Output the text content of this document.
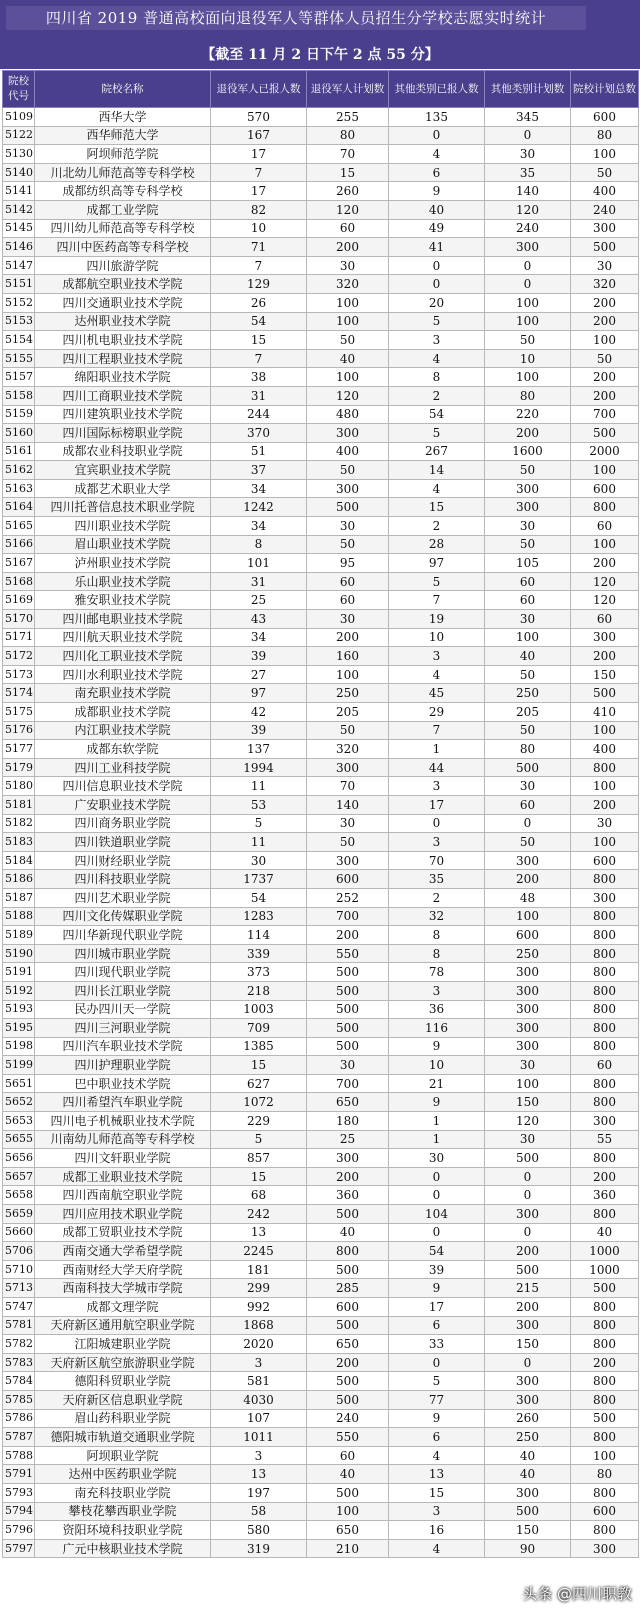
四川省 2019 普通高校面向退役军人等群体人员招生分学校志愿实时统计
【截至 11 月 2 日下午 2 点 55 分】
院校代号	院校名称	退役军人已报人数	退役军人计划数	其他类别已报人数	其他类别计划数	院校计划总数
5109	西华大学	570	255	135	345	600
5122	西华师范大学	167	80	0	0	80
5130	阿坝师范学院	17	70	4	30	100
5140	川北幼儿师范高等专科学校	7	15	6	35	50
5141	成都纺织高等专科学校	17	260	9	140	400
5142	成都工业学院	82	120	40	120	240
5145	四川幼儿师范高等专科学校	10	60	49	240	300
5146	四川中医药高等专科学校	71	200	41	300	500
5147	四川旅游学院	7	30	0	0	30
5151	成都航空职业技术学院	129	320	0	0	320
5152	四川交通职业技术学院	26	100	20	100	200
5153	达州职业技术学院	54	100	5	100	200
5154	四川机电职业技术学院	15	50	3	50	100
5155	四川工程职业技术学院	7	40	4	10	50
5157	绵阳职业技术学院	38	100	8	100	200
5158	四川工商职业技术学院	31	120	2	80	200
5159	四川建筑职业技术学院	244	480	54	220	700
5160	四川国际标榜职业学院	370	300	5	200	500
5161	成都农业科技职业学院	51	400	267	1600	2000
5162	宜宾职业技术学院	37	50	14	50	100
5163	成都艺术职业大学	34	300	4	300	600
5164	四川托普信息技术职业学院	1242	500	15	300	800
5165	四川职业技术学院	34	30	2	30	60
5166	眉山职业技术学院	8	50	28	50	100
5167	泸州职业技术学院	101	95	97	105	200
5168	乐山职业技术学院	31	60	5	60	120
5169	雅安职业技术学院	25	60	7	60	120
5170	四川邮电职业技术学院	43	30	19	30	60
5171	四川航天职业技术学院	34	200	10	100	300
5172	四川化工职业技术学院	39	160	3	40	200
5173	四川水利职业技术学院	27	100	4	50	150
5174	南充职业技术学院	97	250	45	250	500
5175	成都职业技术学院	42	205	29	205	410
5176	内江职业技术学院	39	50	7	50	100
5177	成都东软学院	137	320	1	80	400
5179	四川工业科技学院	1994	300	44	500	800
5180	四川信息职业技术学院	11	70	3	30	100
5181	广安职业技术学院	53	140	17	60	200
5182	四川商务职业学院	5	30	0	0	30
5183	四川铁道职业学院	11	50	3	50	100
5184	四川财经职业学院	30	300	70	300	600
5186	四川科技职业学院	1737	600	35	200	800
5187	四川艺术职业学院	54	252	2	48	300
5188	四川文化传媒职业学院	1283	700	32	100	800
5189	四川华新现代职业学院	114	200	8	600	800
5190	四川城市职业学院	339	550	8	250	800
5191	四川现代职业学院	373	500	78	300	800
5192	四川长江职业学院	218	500	3	300	800
5193	民办四川天一学院	1003	500	36	300	800
5195	四川三河职业学院	709	500	116	300	800
5198	四川汽车职业技术学院	1385	500	9	300	800
5199	四川护理职业学院	15	30	10	30	60
5651	巴中职业技术学院	627	700	21	100	800
5652	四川希望汽车职业学院	1072	650	9	150	800
5653	四川电子机械职业技术学院	229	180	1	120	300
5655	川南幼儿师范高等专科学校	5	25	1	30	55
5656	四川文轩职业学院	857	300	30	500	800
5657	成都工业职业技术学院	15	200	0	0	200
5658	四川西南航空职业学院	68	360	0	0	360
5659	四川应用技术职业学院	242	500	104	300	800
5660	成都工贸职业技术学院	13	40	0	0	40
5706	西南交通大学希望学院	2245	800	54	200	1000
5710	西南财经大学天府学院	181	500	39	500	1000
5713	西南科技大学城市学院	299	285	9	215	500
5747	成都文理学院	992	600	17	200	800
5781	天府新区通用航空职业学院	1868	500	6	300	800
5782	江阳城建职业学院	2020	650	33	150	800
5783	天府新区航空旅游职业学院	3	200	0	0	200
5784	德阳科贸职业学院	581	500	5	300	800
5785	天府新区信息职业学院	4030	500	77	300	800
5786	眉山药科职业学院	107	240	9	260	500
5787	德阳城市轨道交通职业学院	1011	550	6	250	800
5788	阿坝职业学院	3	60	4	40	100
5791	达州中医药职业学院	13	40	13	40	80
5793	南充科技职业学院	197	500	15	300	800
5794	攀枝花攀西职业学院	58	100	3	500	600
5796	资阳环境科技职业学院	580	650	16	150	800
5797	广元中核职业技术学院	319	210	4	90	300
头条 @四川职教
